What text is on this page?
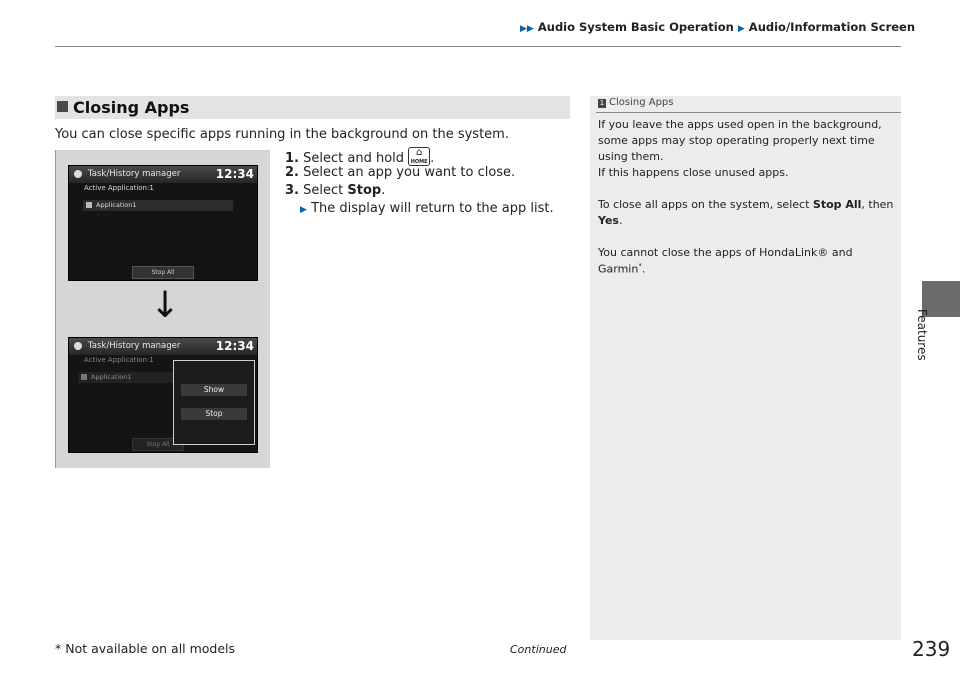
▶▶ Audio System Basic Operation ▶ Audio/Information Screen
Closing Apps
You can close specific apps running in the background on the system.
1. Select and hold	⌂
HOME .
2. Select an app you want to close.
3. Select Stop.
▶ The display will return to the app list.
Task/History manager	12:34
Active Application:1
Application1
Stop All
↓
Task/History manager	12:34
Active Application:1
Application1
Stop All
Show
Stop
1 Closing Apps
If you leave the apps used open in the background,
some apps may stop operating properly next time
using them.
If this happens close unused apps.
To close all apps on the system, select Stop All, then
Yes.
You cannot close the apps of HondaLink® and
Garmin*.
Features
* Not available on all models	Continued	239
